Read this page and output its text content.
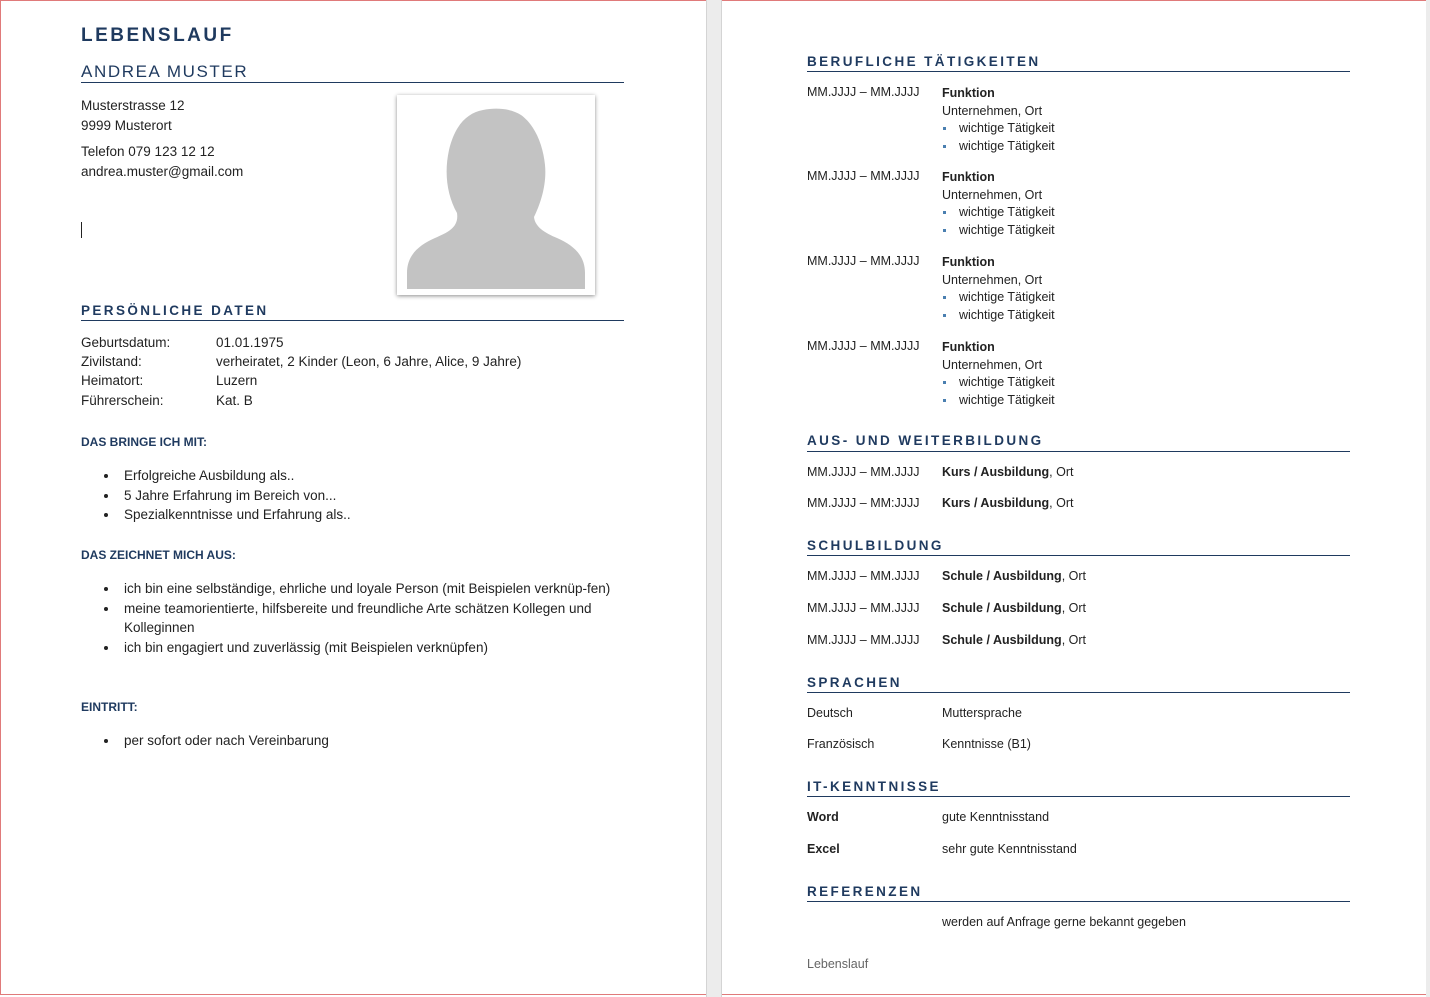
LEBENSLAUF
ANDREA MUSTER
Musterstrasse 12
9999 Musterort
Telefon 079 123 12 12
andrea.muster@gmail.com
PERSÖNLICHE DATEN
Geburtsdatum:	01.01.1975
Zivilstand:	verheiratet, 2 Kinder (Leon, 6 Jahre, Alice, 9 Jahre)
Heimatort:	Luzern
Führerschein:	Kat. B
DAS BRINGE ICH MIT:
Erfolgreiche Ausbildung als..
5 Jahre Erfahrung im Bereich von...
Spezialkenntnisse und Erfahrung als..
DAS ZEICHNET MICH AUS:
ich bin eine selbständige, ehrliche und loyale Person (mit Beispielen verknüp-fen)
meine teamorientierte, hilfsbereite und freundliche Arte schätzen Kollegen und Kolleginnen
ich bin engagiert und zuverlässig (mit Beispielen verknüpfen)
EINTRITT:
per sofort oder nach Vereinbarung
BERUFLICHE TÄTIGKEITEN
MM.JJJJ – MM.JJJJ Funktion
Unternehmen, Ort
wichtige Tätigkeit
wichtige Tätigkeit
MM.JJJJ – MM.JJJJ Funktion
Unternehmen, Ort
wichtige Tätigkeit
wichtige Tätigkeit
MM.JJJJ – MM.JJJJ Funktion
Unternehmen, Ort
wichtige Tätigkeit
wichtige Tätigkeit
MM.JJJJ – MM.JJJJ Funktion
Unternehmen, Ort
wichtige Tätigkeit
wichtige Tätigkeit
AUS- UND WEITERBILDUNG
MM.JJJJ – MM.JJJJ Kurs / Ausbildung, Ort
MM.JJJJ – MM:JJJJ Kurs / Ausbildung, Ort
SCHULBILDUNG
MM.JJJJ – MM.JJJJ Schule / Ausbildung, Ort
MM.JJJJ – MM.JJJJ Schule / Ausbildung, Ort
MM.JJJJ – MM.JJJJ Schule / Ausbildung, Ort
SPRACHEN
Deutsch	Muttersprache
Französisch	Kenntnisse (B1)
IT-KENNTNISSE
Word	gute Kenntnisstand
Excel	sehr gute Kenntnisstand
REFERENZEN
werden auf Anfrage gerne bekannt gegeben
Lebenslauf
